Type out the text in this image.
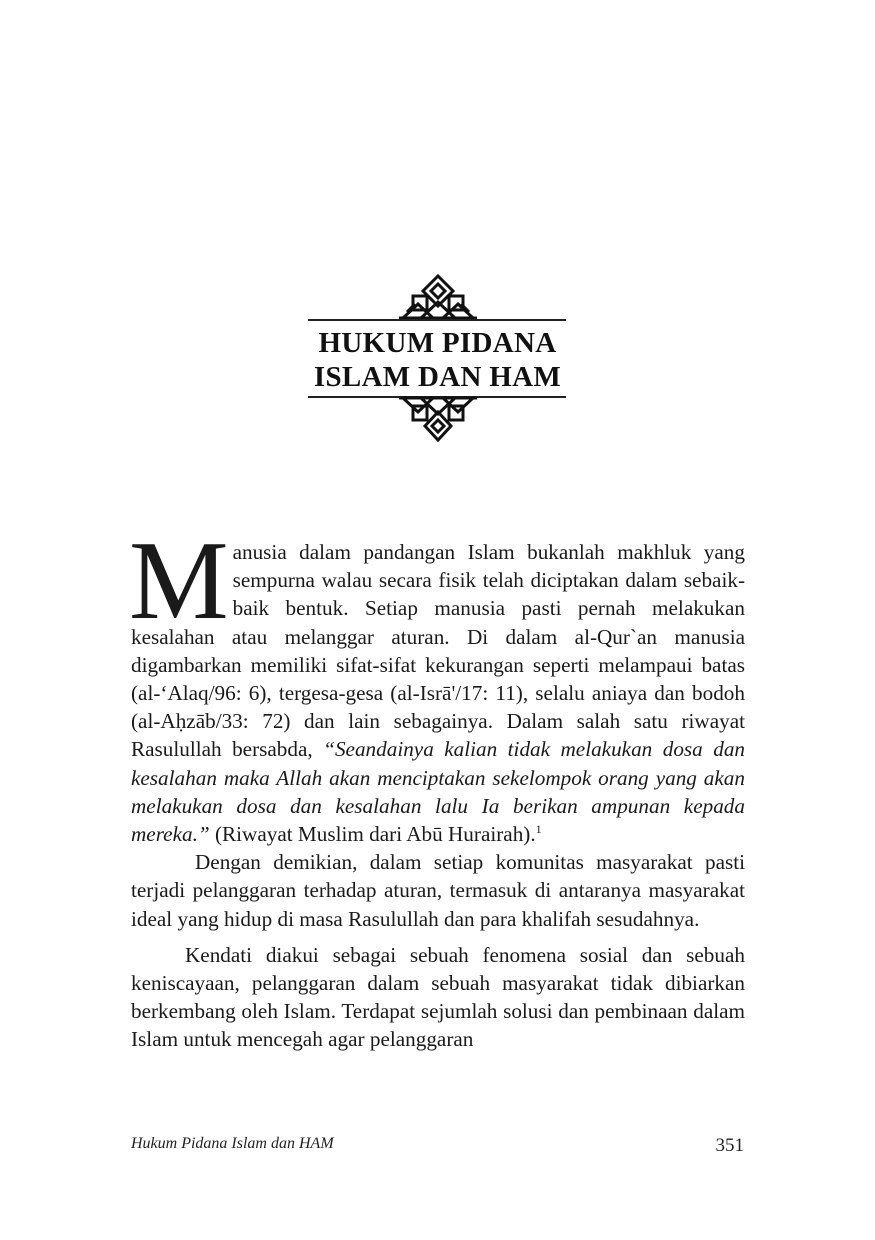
HUKUM PIDANA
ISLAM DAN HAM

Manusia dalam pandangan Islam bukanlah makhluk yang sempurna walau secara fisik telah diciptakan dalam sebaik-baik bentuk. Setiap manusia pasti pernah melakukan kesalahan atau melanggar aturan. Di dalam al-Qur`an manusia digambarkan memiliki sifat-sifat kekurangan seperti melampaui batas (al-‘Alaq/96: 6), tergesa-gesa (al-Isrā'/17: 11), selalu aniaya dan bodoh (al-Aḥzāb/33: 72) dan lain sebagainya. Dalam salah satu riwayat Rasulullah bersabda, “Seandainya kalian tidak melakukan dosa dan kesalahan maka Allah akan menciptakan sekelompok orang yang akan melakukan dosa dan kesalahan lalu Ia berikan ampunan kepada mereka.” (Riwayat Muslim dari Abū Hurairah).$^1$

Dengan demikian, dalam setiap komunitas masyarakat pasti terjadi pelanggaran terhadap aturan, termasuk di antaranya masyarakat ideal yang hidup di masa Rasulullah dan para khalifah sesudahnya.

Kendati diakui sebagai sebuah fenomena sosial dan sebuah keniscayaan, pelanggaran dalam sebuah masyarakat tidak dibiarkan berkembang oleh Islam. Terdapat sejumlah solusi dan pembinaan dalam Islam untuk mencegah agar pelanggaran

Hukum Pidana Islam dan HAM	351
